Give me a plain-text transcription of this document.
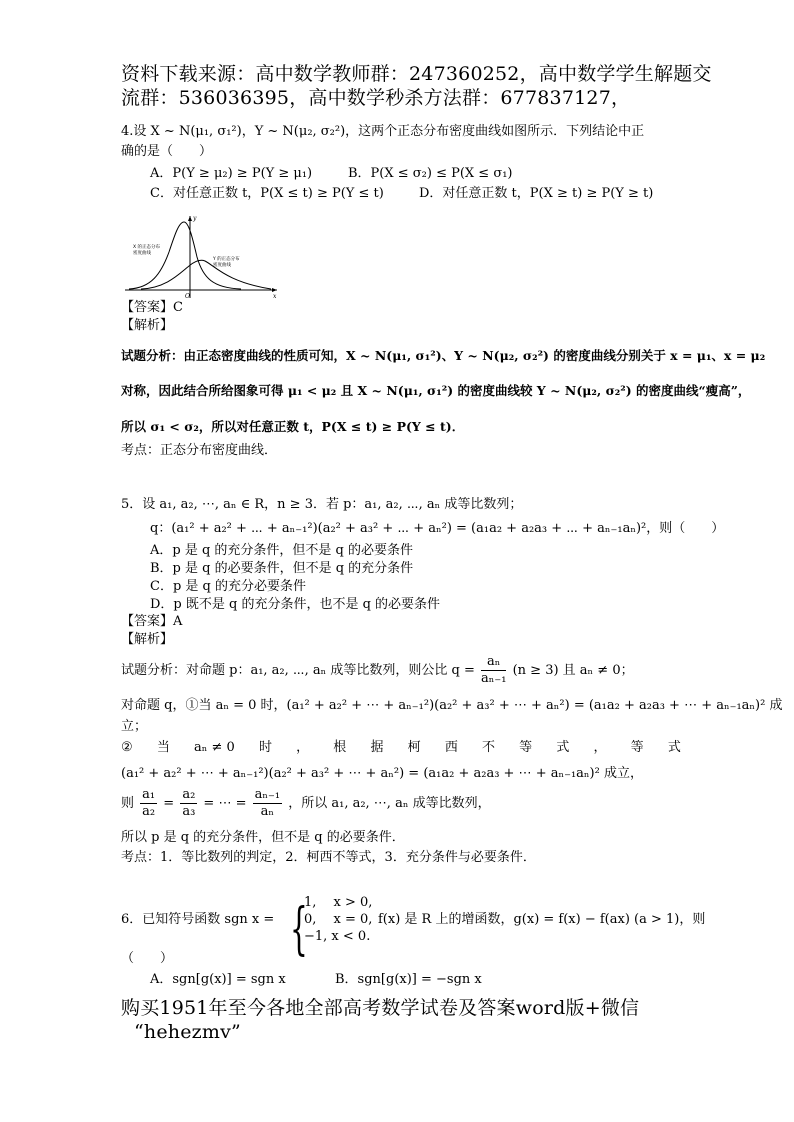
资料下载来源：高中数学教师群：247360252，高中数学学生解题交
流群：536036395，高中数学秒杀方法群：677837127，
4.设 X ~ N(μ₁, σ₁²)，Y ~ N(μ₂, σ₂²)，这两个正态分布密度曲线如图所示．下列结论中正
确的是（　　）
A．P(Y ≥ μ₂) ≥ P(Y ≥ μ₁)	B．P(X ≤ σ₂) ≤ P(X ≤ σ₁)
C．对任意正数 t，P(X ≤ t) ≥ P(Y ≤ t)	D．对任意正数 t，P(X ≥ t) ≥ P(Y ≥ t)
X 的正态分布
密度曲线
Y 的正态分布
密度曲线
y
x
O
【答案】C
【解析】
试题分析：由正态密度曲线的性质可知，X ~ N(μ₁, σ₁²)、Y ~ N(μ₂, σ₂²) 的密度曲线分别关于 x = μ₁、x = μ₂
对称，因此结合所给图象可得 μ₁ < μ₂ 且 X ~ N(μ₁, σ₁²) 的密度曲线较 Y ~ N(μ₂, σ₂²) 的密度曲线“瘦高”，
所以 σ₁ < σ₂，所以对任意正数 t，P(X ≤ t) ≥ P(Y ≤ t)．
考点：正态分布密度曲线．
5．设 a₁, a₂, ⋯, aₙ ∈ R，n ≥ 3．若 p：a₁, a₂, ⋯, aₙ 成等比数列；
q：(a₁² + a₂² + ⋯ + aₙ₋₁²)(a₂² + a₃² + ⋯ + aₙ²) = (a₁a₂ + a₂a₃ + ⋯ + aₙ₋₁aₙ)²，则（　　）
A．p 是 q 的充分条件，但不是 q 的必要条件
B．p 是 q 的必要条件，但不是 q 的充分条件
C．p 是 q 的充分必要条件
D．p 既不是 q 的充分条件，也不是 q 的必要条件
【答案】A
【解析】
试题分析：对命题 p：a₁, a₂, ⋯, aₙ 成等比数列，则公比 $q = \frac{\text{aₙ}}{\text{aₙ₋₁}} (n \ge 3)$ 且 aₙ ≠ 0；
对命题 q，①当 aₙ = 0 时，(a₁² + a₂² + ⋯ + aₙ₋₁²)(a₂² + a₃² + ⋯ + aₙ²) = (a₁a₂ + a₂a₃ + ⋯ + aₙ₋₁aₙ)² 成
立；
② 当 aₙ ≠ 0 时 ， 根 据 柯 西 不 等 式 ， 等 式
(a₁² + a₂² + ⋯ + aₙ₋₁²)(a₂² + a₃² + ⋯ + aₙ²) = (a₁a₂ + a₂a₃ + ⋯ + aₙ₋₁aₙ)² 成立，
则 $\frac{\text{a₁}}{\text{a₂}} = \frac{\text{a₂}}{\text{a₃}}$ = ⋯ = $\frac{\text{aₙ₋₁}}{\text{aₙ}}$ ，所以 a₁, a₂, ⋯, aₙ 成等比数列，
所以 p 是 q 的充分条件，但不是 q 的必要条件．
考点：1．等比数列的判定，2．柯西不等式，3．充分条件与必要条件．
6．已知符号函数 sgn x = {
1,　 x > 0,
0,　 x = 0,
−1, x < 0.
f(x) 是 R 上的增函数，g(x) = f(x) − f(ax) (a > 1)，则
（　　）
A．sgn[g(x)] = sgn x	B．sgn[g(x)] = −sgn x
购买1951年至今各地全部高考数学试卷及答案word版+微信
“hehezmv”
